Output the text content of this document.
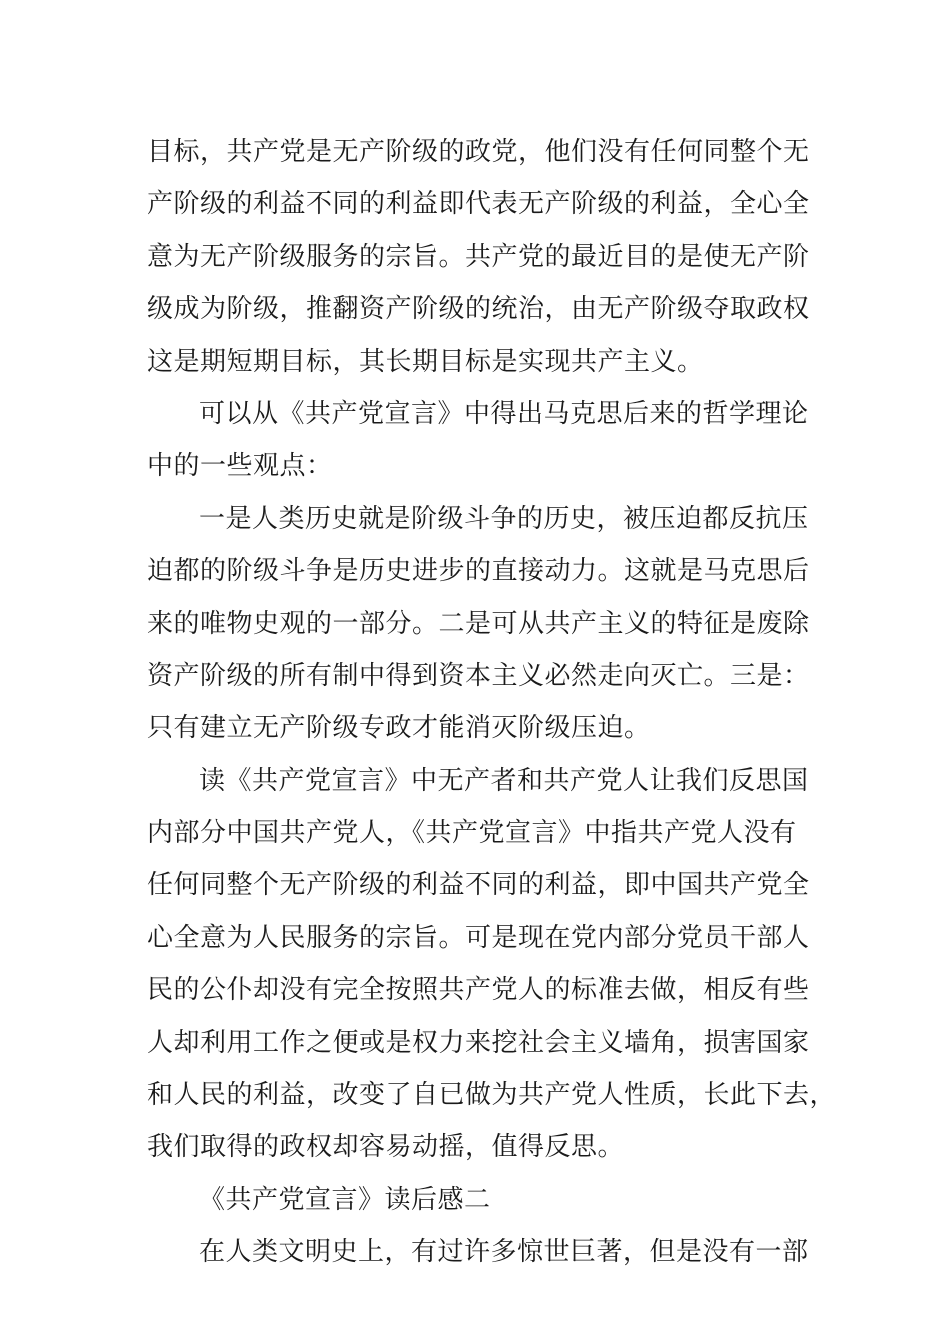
目标，共产党是无产阶级的政党，他们没有任何同整个无
产阶级的利益不同的利益即代表无产阶级的利益，全心全
意为无产阶级服务的宗旨。共产党的最近目的是使无产阶
级成为阶级，推翻资产阶级的统治，由无产阶级夺取政权
这是期短期目标，其长期目标是实现共产主义。
可以从《共产党宣言》中得出马克思后来的哲学理论
中的一些观点：
一是人类历史就是阶级斗争的历史，被压迫都反抗压
迫都的阶级斗争是历史进步的直接动力。这就是马克思后
来的唯物史观的一部分。二是可从共产主义的特征是废除
资产阶级的所有制中得到资本主义必然走向灭亡。三是：
只有建立无产阶级专政才能消灭阶级压迫。
读《共产党宣言》中无产者和共产党人让我们反思国
内部分中国共产党人，《共产党宣言》中指共产党人没有
任何同整个无产阶级的利益不同的利益，即中国共产党全
心全意为人民服务的宗旨。可是现在党内部分党员干部人
民的公仆却没有完全按照共产党人的标准去做，相反有些
人却利用工作之便或是权力来挖社会主义墙角，损害国家
和人民的利益，改变了自已做为共产党人性质，长此下去，
我们取得的政权却容易动摇，值得反思。
《共产党宣言》读后感二
在人类文明史上，有过许多惊世巨著，但是没有一部
